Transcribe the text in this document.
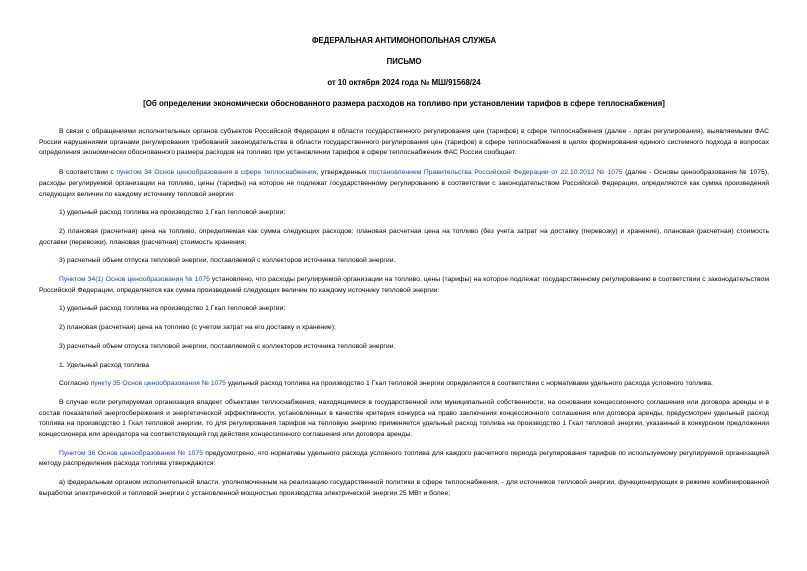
ФЕДЕРАЛЬНАЯ АНТИМОНОПОЛЬНАЯ СЛУЖБА
ПИСЬМО
от 10 октября 2024 года № МШ/91568/24
[Об определении экономически обоснованного размера расходов на топливо при установлении тарифов в сфере теплоснабжения]

В связи с обращениями исполнительных органов субъектов Российской Федерации в области государственного регулирования цен (тарифов) в сфере теплоснабжения (далее - орган регулирования), выявляемыми ФАС России нарушениями органами регулирования требований законодательства в области государственного регулирования цен (тарифов) в сфере теплоснабжения в целях формирования единого системного подхода в вопросах определения экономически обоснованного размера расходов на топливо при установлении тарифов в сфере теплоснабжения ФАС России сообщает.

В соответствии с пунктом 34 Основ ценообразования в сфере теплоснабжения, утвержденных постановлением Правительства Российской Федерации от 22.10.2012 № 1075 (далее - Основы ценообразования № 1075), расходы регулируемой организации на топливо, цены (тарифы) на которое не подлежат государственному регулированию в соответствии с законодательством Российской Федерации, определяются как сумма произведений следующих величин по каждому источнику тепловой энергии:

1) удельный расход топлива на производство 1 Гкал тепловой энергии;

2) плановая (расчетная) цена на топливо, определяемая как сумма следующих расходов: плановая расчетная цена на топливо (без учета затрат на доставку (перевозку) и хранение), плановая (расчетная) стоимость доставки (перевозки), плановая (расчетная) стоимость хранения;

3) расчетный объем отпуска тепловой энергии, поставляемой с коллекторов источника тепловой энергии.

Пунктом 34(1) Основ ценообразования № 1075 установлено, что расходы регулируемой организации на топливо, цены (тарифы) на которое подлежат государственному регулированию в соответствии с законодательством Российской Федерации, определяются как сумма произведений следующих величин по каждому источнику тепловой энергии:

1) удельный расход топлива на производство 1 Гкал тепловой энергии;

2) плановая (расчетная) цена на топливо (с учетом затрат на его доставку и хранение);

3) расчетный объем отпуска тепловой энергии, поставляемой с коллекторов источника тепловой энергии.

1. Удельный расход топлива

Согласно пункту 35 Основ ценообразования № 1075 удельный расход топлива на производство 1 Гкал тепловой энергии определяется в соответствии с нормативами удельного расхода условного топлива.

В случае если регулируемая организация владеет объектами теплоснабжения, находящимися в государственной или муниципальной собственности, на основании концессионного соглашения или договора аренды и в состав показателей энергосбережения и энергетической эффективности, установленных в качестве критерия конкурса на право заключения концессионного соглашения или договора аренды, предусмотрен удельный расход топлива на производство 1 Гкал тепловой энергии, то для регулирования тарифов на тепловую энергию применяется удельный расход топлива на производство 1 Гкал тепловой энергии, указанный в конкурсном предложении концессионера или арендатора на соответствующий год действия концессионного соглашения или договора аренды.

Пунктом 36 Основ ценообразования № 1075 предусмотрено, что нормативы удельного расхода условного топлива для каждого расчетного периода регулирования тарифов по используемому регулируемой организацией методу распределения расхода топлива утверждаются:

а) федеральным органом исполнительной власти, уполномоченным на реализацию государственной политики в сфере теплоснабжения, - для источников тепловой энергии, функционирующих в режиме комбинированной выработки электрической и тепловой энергии с установленной мощностью производства электрической энергии 25 МВт и более;
